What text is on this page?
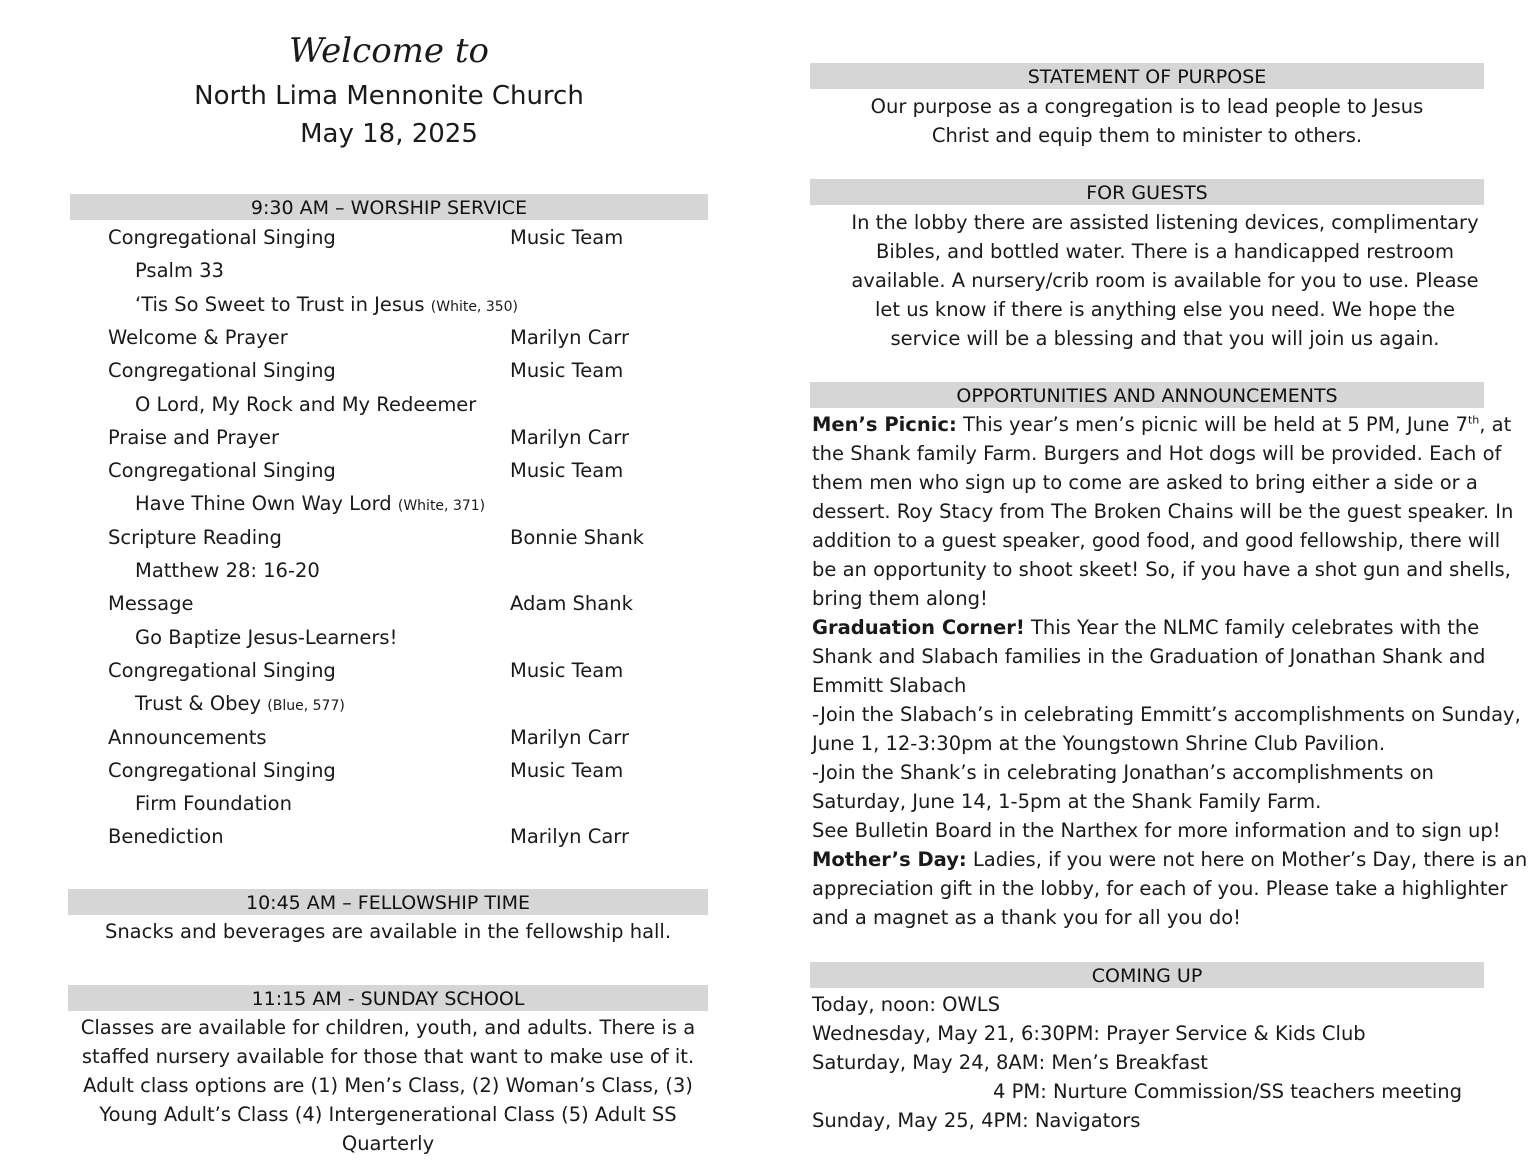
Welcome to
North Lima Mennonite Church
May 18, 2025
9:30 AM – WORSHIP SERVICE
Congregational Singing	Music Team
Psalm 33
‘Tis So Sweet to Trust in Jesus (White, 350)
Welcome & Prayer	Marilyn Carr
Congregational Singing	Music Team
O Lord, My Rock and My Redeemer
Praise and Prayer	Marilyn Carr
Congregational Singing	Music Team
Have Thine Own Way Lord (White, 371)
Scripture Reading	Bonnie Shank
Matthew 28: 16-20
Message	Adam Shank
Go Baptize Jesus-Learners!
Congregational Singing	Music Team
Trust & Obey (Blue, 577)
Announcements	Marilyn Carr
Congregational Singing	Music Team
Firm Foundation
Benediction	Marilyn Carr
10:45 AM – FELLOWSHIP TIME
Snacks and beverages are available in the fellowship hall.
11:15 AM - SUNDAY SCHOOL
Classes are available for children, youth, and adults. There is a
staffed nursery available for those that want to make use of it.
Adult class options are (1) Men’s Class, (2) Woman’s Class, (3)
Young Adult’s Class (4) Intergenerational Class (5) Adult SS
Quarterly
STATEMENT OF PURPOSE
Our purpose as a congregation is to lead people to Jesus
Christ and equip them to minister to others.
FOR GUESTS
In the lobby there are assisted listening devices, complimentary
Bibles, and bottled water. There is a handicapped restroom
available. A nursery/crib room is available for you to use. Please
let us know if there is anything else you need. We hope the
service will be a blessing and that you will join us again.
OPPORTUNITIES AND ANNOUNCEMENTS
Men’s Picnic: This year’s men’s picnic will be held at 5 PM, June 7th, at
the Shank family Farm. Burgers and Hot dogs will be provided. Each of
them men who sign up to come are asked to bring either a side or a
dessert. Roy Stacy from The Broken Chains will be the guest speaker. In
addition to a guest speaker, good food, and good fellowship, there will
be an opportunity to shoot skeet! So, if you have a shot gun and shells,
bring them along!
Graduation Corner! This Year the NLMC family celebrates with the
Shank and Slabach families in the Graduation of Jonathan Shank and
Emmitt Slabach
-Join the Slabach’s in celebrating Emmitt’s accomplishments on Sunday,
June 1, 12-3:30pm at the Youngstown Shrine Club Pavilion.
-Join the Shank’s in celebrating Jonathan’s accomplishments on
Saturday, June 14, 1-5pm at the Shank Family Farm.
See Bulletin Board in the Narthex for more information and to sign up!
Mother’s Day: Ladies, if you were not here on Mother’s Day, there is an
appreciation gift in the lobby, for each of you. Please take a highlighter
and a magnet as a thank you for all you do!
COMING UP
Today, noon: OWLS
Wednesday, May 21, 6:30PM: Prayer Service & Kids Club
Saturday, May 24, 8AM: Men’s Breakfast
4 PM: Nurture Commission/SS teachers meeting
Sunday, May 25, 4PM: Navigators
